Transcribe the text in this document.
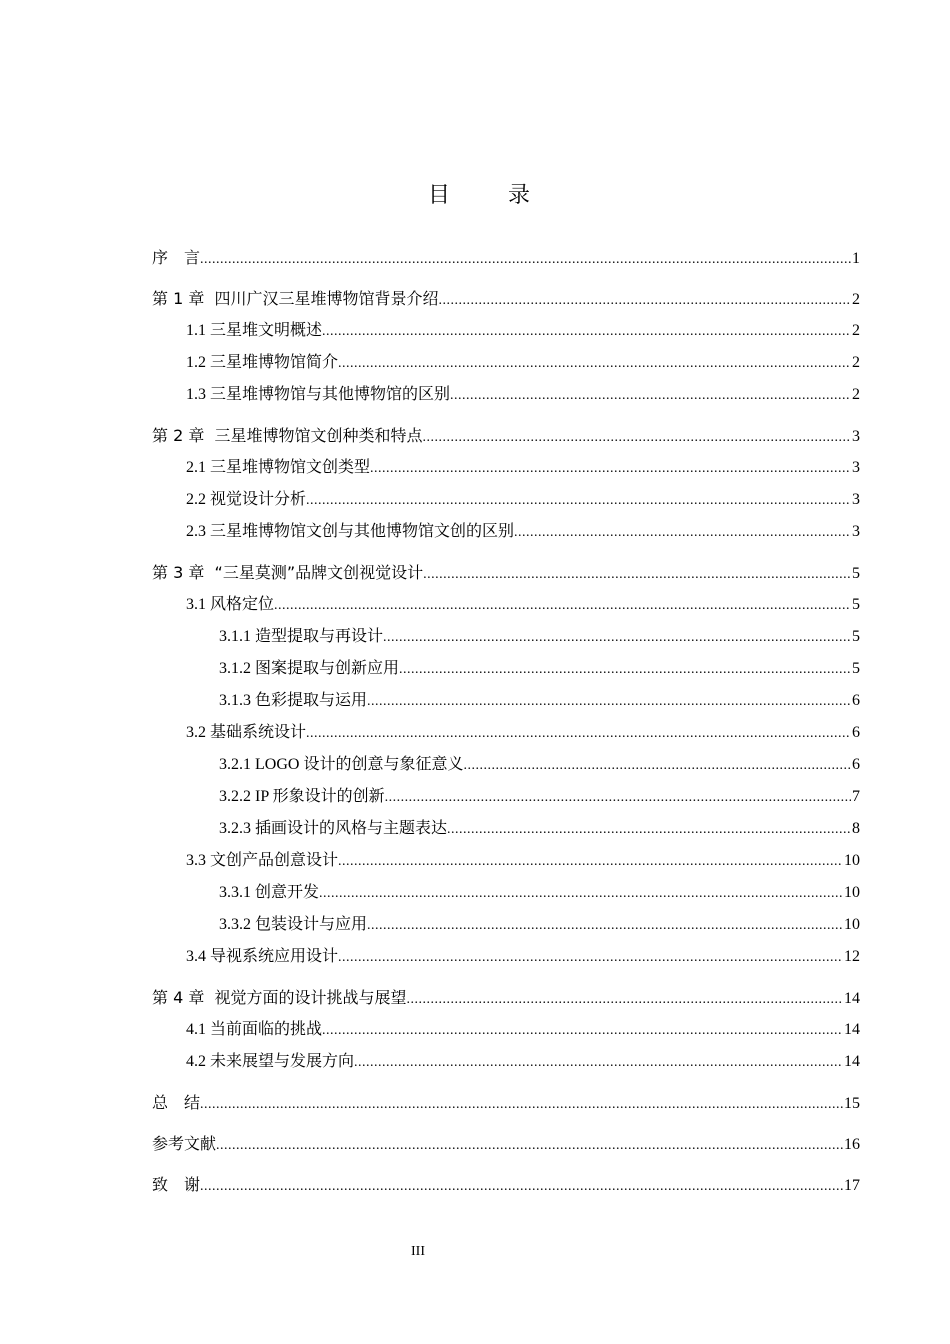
目　录
序　言 .....	1
第 1 章  四川广汉三星堆博物馆背景介绍 .....	2
1.1 三星堆文明概述 .....	2
1.2 三星堆博物馆简介 .....	2
1.3 三星堆博物馆与其他博物馆的区别 .....	2
第 2 章  三星堆博物馆文创种类和特点 .....	3
2.1 三星堆博物馆文创类型 .....	3
2.2 视觉设计分析 .....	3
2.3 三星堆博物馆文创与其他博物馆文创的区别 .....	3
第 3 章  “三星莫测”品牌文创视觉设计 .....	5
3.1 风格定位 .....	5
3.1.1 造型提取与再设计 .....	5
3.1.2 图案提取与创新应用 .....	5
3.1.3 色彩提取与运用 .....	6
3.2 基础系统设计 .....	6
3.2.1 LOGO 设计的创意与象征意义 .....	6
3.2.2 IP 形象设计的创新 .....	7
3.2.3 插画设计的风格与主题表达 .....	8
3.3 文创产品创意设计 .....	10
3.3.1 创意开发 .....	10
3.3.2 包装设计与应用 .....	10
3.4 导视系统应用设计 .....	12
第 4 章  视觉方面的设计挑战与展望 .....	14
4.1 当前面临的挑战 .....	14
4.2 未来展望与发展方向 .....	14
总　结 .....	15
参考文献 .....	16
致　谢 .....	17
III
